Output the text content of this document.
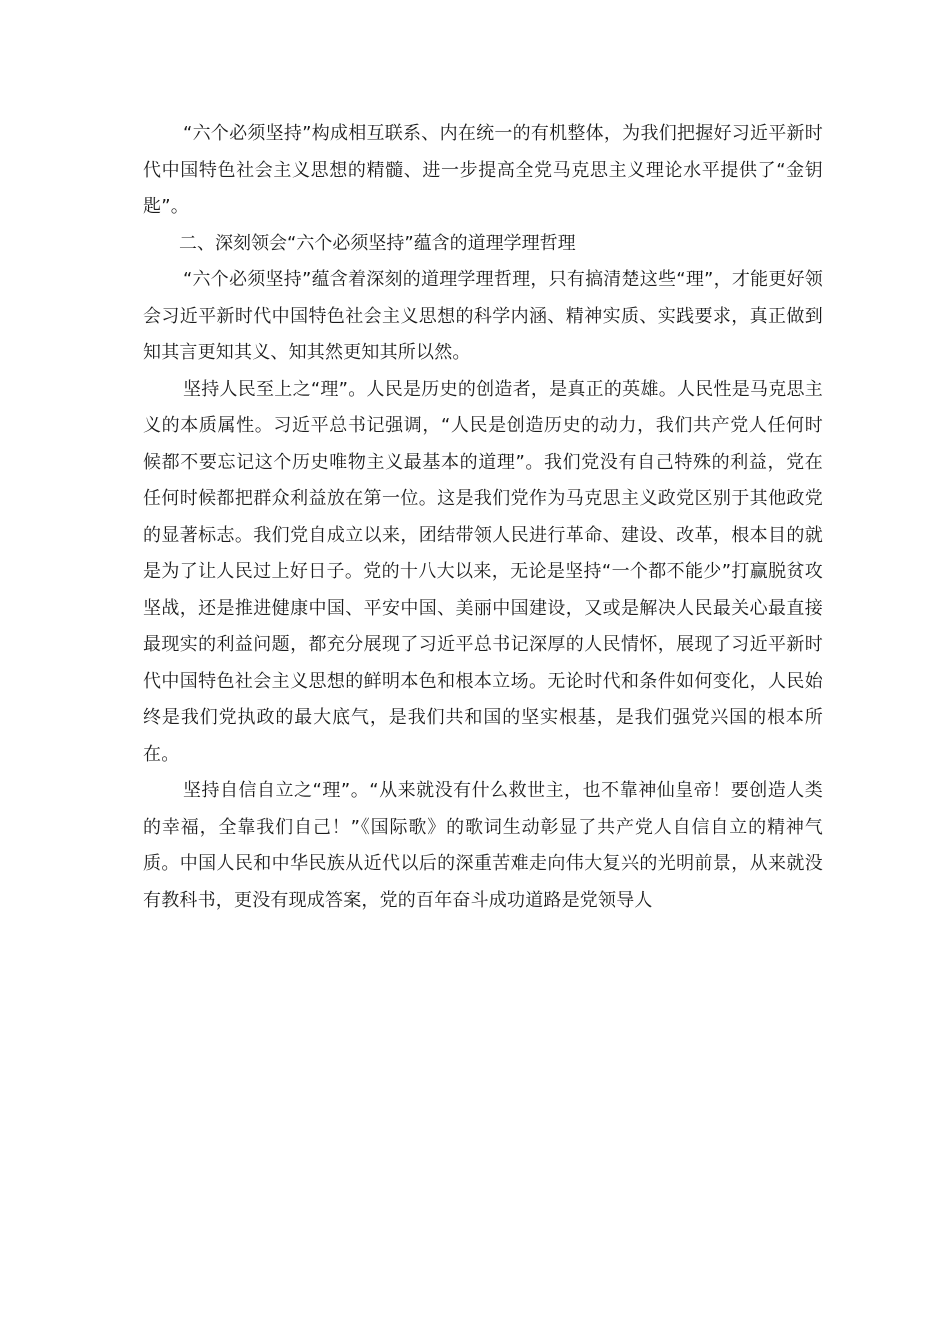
“六个必须坚持”构成相互联系、内在统一的有机整体，为我们把握好习近平新时代中国特色社会主义思想的精髓、进一步提高全党马克思主义理论水平提供了“金钥匙”。

二、深刻领会“六个必须坚持”蕴含的道理学理哲理

“六个必须坚持”蕴含着深刻的道理学理哲理，只有搞清楚这些“理”，才能更好领会习近平新时代中国特色社会主义思想的科学内涵、精神实质、实践要求，真正做到知其言更知其义、知其然更知其所以然。

坚持人民至上之“理”。人民是历史的创造者，是真正的英雄。人民性是马克思主义的本质属性。习近平总书记强调，“人民是创造历史的动力，我们共产党人任何时候都不要忘记这个历史唯物主义最基本的道理”。我们党没有自己特殊的利益，党在任何时候都把群众利益放在第一位。这是我们党作为马克思主义政党区别于其他政党的显著标志。我们党自成立以来，团结带领人民进行革命、建设、改革，根本目的就是为了让人民过上好日子。党的十八大以来，无论是坚持“一个都不能少”打赢脱贫攻坚战，还是推进健康中国、平安中国、美丽中国建设，又或是解决人民最关心最直接最现实的利益问题，都充分展现了习近平总书记深厚的人民情怀，展现了习近平新时代中国特色社会主义思想的鲜明本色和根本立场。无论时代和条件如何变化，人民始终是我们党执政的最大底气，是我们共和国的坚实根基，是我们强党兴国的根本所在。

坚持自信自立之“理”。“从来就没有什么救世主，也不靠神仙皇帝！要创造人类的幸福，全靠我们自己！”《国际歌》的歌词生动彰显了共产党人自信自立的精神气质。中国人民和中华民族从近代以后的深重苦难走向伟大复兴的光明前景，从来就没有教科书，更没有现成答案，党的百年奋斗成功道路是党领导人
